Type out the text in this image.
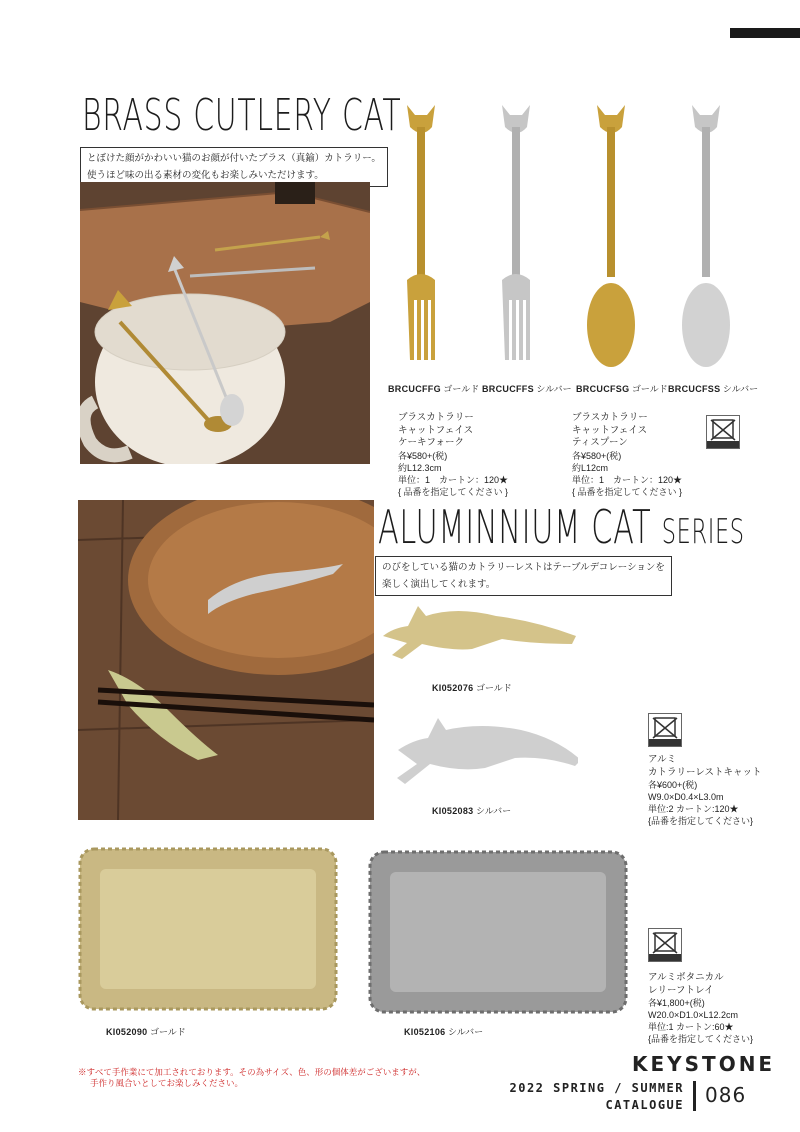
BRASS CUTLERY CAT
とぼけた顔がかわいい猫のお顔が付いたブラス（真鍮）カトラリー。
使うほど味の出る素材の変化もお楽しみいただけます。
BRCUCFFG ゴールド BRCUCFFS シルバー BRCUCFSG ゴールド BRCUCFSS シルバー
ブラスカトラリー
キャットフェイス
ケーキフォーク
各¥580+(税)
約L12.3cm
単位：1　カートン：120★
{ 品番を指定してください }
ブラスカトラリー
キャットフェイス
ティスプーン
各¥580+(税)
約L12cm
単位：1　カートン：120★
{ 品番を指定してください }
ALUMINNIUM CAT SERIES
のびをしている猫のカトラリーレストはテーブルデコレーションを
楽しく演出してくれます。
KI052076 ゴールド
KI052083 シルバー
アルミ
カトラリーレストキャット
各¥600+(税)
W9.0×D0.4×L3.0m
単位:2 カートン:120★
{品番を指定してください}
KI052090 ゴールド	KI052106 シルバー
アルミボタニカル
レリーフトレイ
各¥1,800+(税)
W20.0×D1.0×L12.2cm
単位:1 カートン:60★
{品番を指定してください}
※すべて手作業にて加工されております。その為サイズ、色、形の個体差がございますが、
手作り風合いとしてお楽しみください。
KEYSTONE
2022 SPRING / SUMMER
CATALOGUE 086
